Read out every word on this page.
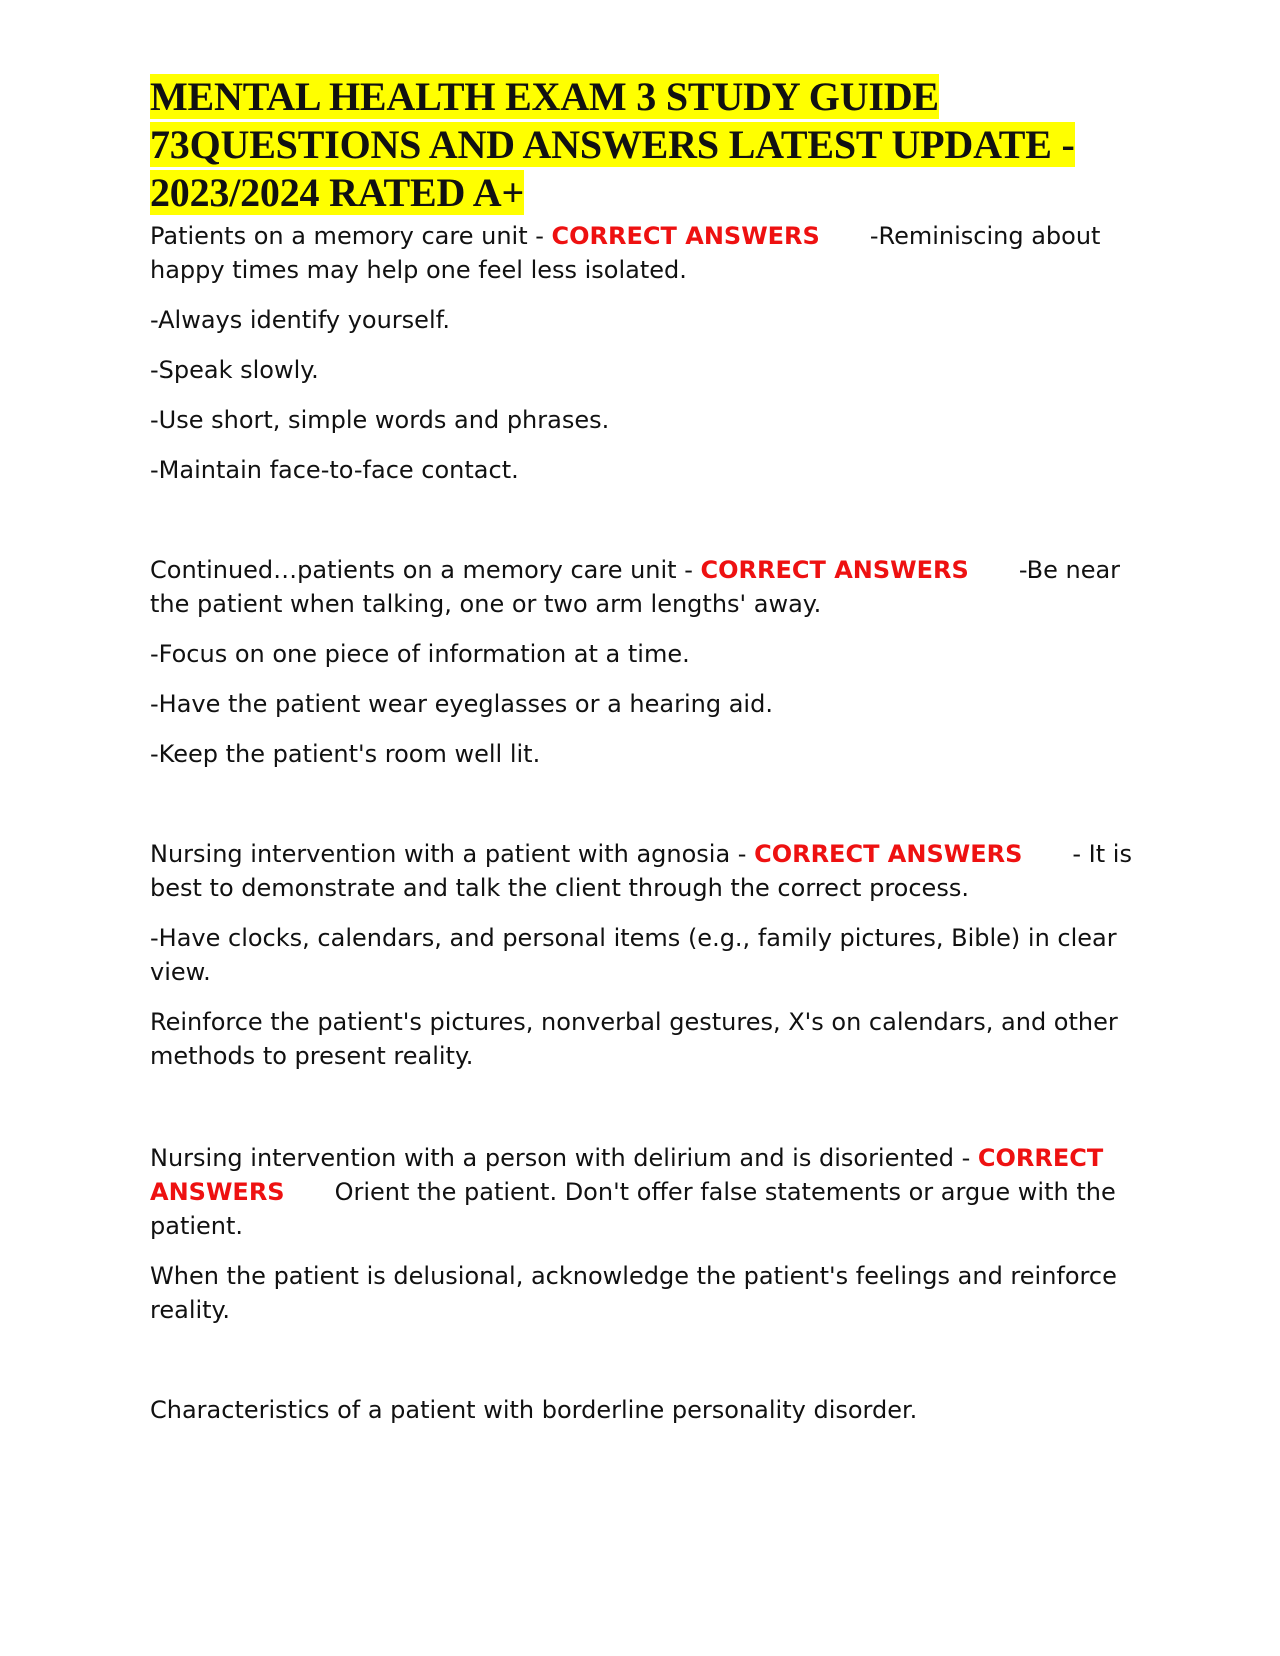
MENTAL HEALTH EXAM 3 STUDY GUIDE 73QUESTIONS AND ANSWERS LATEST UPDATE - 2023/2024 RATED A+

Patients on a memory care unit - CORRECT ANSWERS -Reminiscing about happy times may help one feel less isolated.

-Always identify yourself.

-Speak slowly.

-Use short, simple words and phrases.

-Maintain face-to-face contact.

Continued…patients on a memory care unit - CORRECT ANSWERS -Be near the patient when talking, one or two arm lengths' away.

-Focus on one piece of information at a time.

-Have the patient wear eyeglasses or a hearing aid.

-Keep the patient's room well lit.

Nursing intervention with a patient with agnosia - CORRECT ANSWERS - It is best to demonstrate and talk the client through the correct process.

-Have clocks, calendars, and personal items (e.g., family pictures, Bible) in clear view.

Reinforce the patient's pictures, nonverbal gestures, X's on calendars, and other methods to present reality.

Nursing intervention with a person with delirium and is disoriented - CORRECT ANSWERS Orient the patient. Don't offer false statements or argue with the patient.

When the patient is delusional, acknowledge the patient's feelings and reinforce reality.

Characteristics of a patient with borderline personality disorder.
